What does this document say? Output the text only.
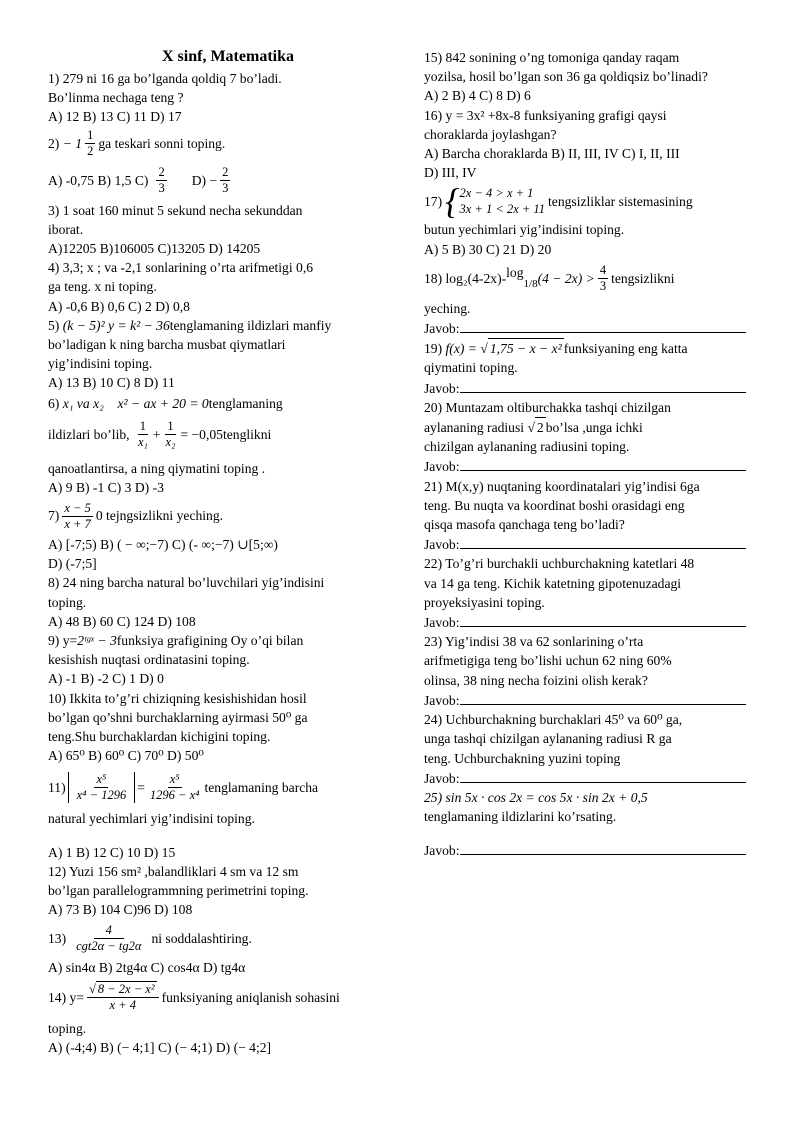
X sinf, Matematika
1) 279 ni 16 ga bo’lganda qoldiq 7 bo’ladi.
Bo’linma nechaga teng ?
A) 12 B) 13 C) 11 D) 17
2)
− $1 \frac{1}{2}$ ga teskari sonni toping.
A) -0,75 B) 1,5 $C) \frac{2}{3} D$)
− $\frac{2}{3}$
3) 1 soat 160 minut 5 sekund necha sekunddan
iborat.
A)12205 B)106005 C)13205 D) 14205
4) 3,3; x ; va -2,1 sonlarining o’rta arifmetigi 0,6
ga teng. x ni toping.
A) -0,6 B) 0,6 C) 2 D) 0,8
5)
(k − 5)² y = k² − 36 tenglamaning ildizlari manfiy
bo’ladigan k ning barcha musbat qiymatlari
yig’indisini toping.
A) 13 B) 10 C) 8 D) 11
6)
x₁ va x₂
x² − ax + 20 = 0 tenglamaning
ildizlari bo’lib,
$\frac{1}{\text{x₁}} + \frac{1}{\text{x₂}} = -0,05$ tenglikni
qanoatlantirsa, a ning qiymatini toping .
A) 9 B) -1 C) 3 D) -3
$7) \frac{x - 5}{x + 7} 0$ tejngsizlikni yeching.
A) [-7;5) B) ( − ∞;−7) C) (- ∞;−7) ∪[5;∞)
D) (-7;5]
8) 24 ning barcha natural bo’luvchilari yig’indisini
toping.
A) 48 B) 60 C) 124 D) 108
9) y= 2ᵗᵍˣ − 3 funksiya grafigining Oy o’qi bilan
kesishish nuqtasi ordinatasini toping.
A) -1 B) -2 C) 1 D) 0
10) Ikkita to’g’ri chiziqning kesishishidan hosil
bo’lgan qo’shni burchaklarning ayirmasi 50⁰ ga
teng.Shu burchaklardan kichigini toping.
A) 65⁰ B) 60⁰ C) 70⁰ D) 50⁰
$11) \frac{\text{x⁵}}{\text{x⁴ − 1296}} = \frac{\text{x⁵}}{\text{1296 − x⁴}}$ tenglamaning barcha
natural yechimlari yig’indisini toping.
A) 1 B) 12 C) 10 D) 15
12) Yuzi 156 sm² ,balandliklari 4 sm va 12 sm
bo’lgan parallelogrammning perimetrini toping.
A) 73 B) 104 C)96 D) 108
$13) \frac{4}{\text{cgt2α − tg2α}}$ ni soddalashtiring.
A) sin4α B) 2tg4α C) cos4α D) tg4α
14) $y= \frac{\text{√ 8 − 2x − x²}}{x + 4}$ funksiyaning aniqlanish sohasini
toping.
A) (-4;4) B) (− 4;1] C) (− 4;1) D) (− 4;2]
15) 842 sonining o’ng tomoniga qanday raqam
yozilsa, hosil bo’lgan son 36 ga qoldiqsiz bo’linadi?
A) 2 B) 4 C) 8 D) 6
16) y = 3x² +8x-8 funksiyaning grafigi qaysi
choraklarda joylashgan?
A) Barcha choraklarda B) II, III, IV C) I, II, III
D) III, IV
17) { 2x − 4 > x + 1
3x + 1 < 2x + 11
tengsizliklar sistemasining
butun yechimlari yig’indisini toping.
A) 5 B) 30 C) 21 D) 20
18) log₂(4-2x)- log
1/8 $(4 - 2x) > \frac{4}{3}$ tengsizlikni
yeching.
Javob:
19)
f(x) = √ 1,75 − x − x² funksiyaning eng katta
qiymatini toping.
Javob:
20) Muntazam oltiburchakka tashqi chizilgan
aylananing radiusi √ 2 bo’lsa ,unga ichki
chizilgan aylananing radiusini toping.
Javob:
21) M(x,y) nuqtaning koordinatalari yig’indisi 6ga
teng. Bu nuqta va koordinat boshi orasidagi eng
qisqa masofa qanchaga teng bo’ladi?
Javob:
22) To’g’ri burchakli uchburchakning katetlari 48
va 14 ga teng. Kichik katetning gipotenuzadagi
proyeksiyasini toping.
Javob:
23) Yig’indisi 38 va 62 sonlarining o’rta
arifmetigiga teng bo’lishi uchun 62 ning 60%
olinsa, 38 ning necha foizini olish kerak?
Javob:
24) Uchburchakning burchaklari 45⁰ va 60⁰ ga,
unga tashqi chizilgan aylananing radiusi R ga
teng. Uchburchakning yuzini toping
Javob:
25) sin 5x · cos 2x = cos 5x · sin 2x + 0,5
tenglamaning ildizlarini ko’rsating.
Javob:
